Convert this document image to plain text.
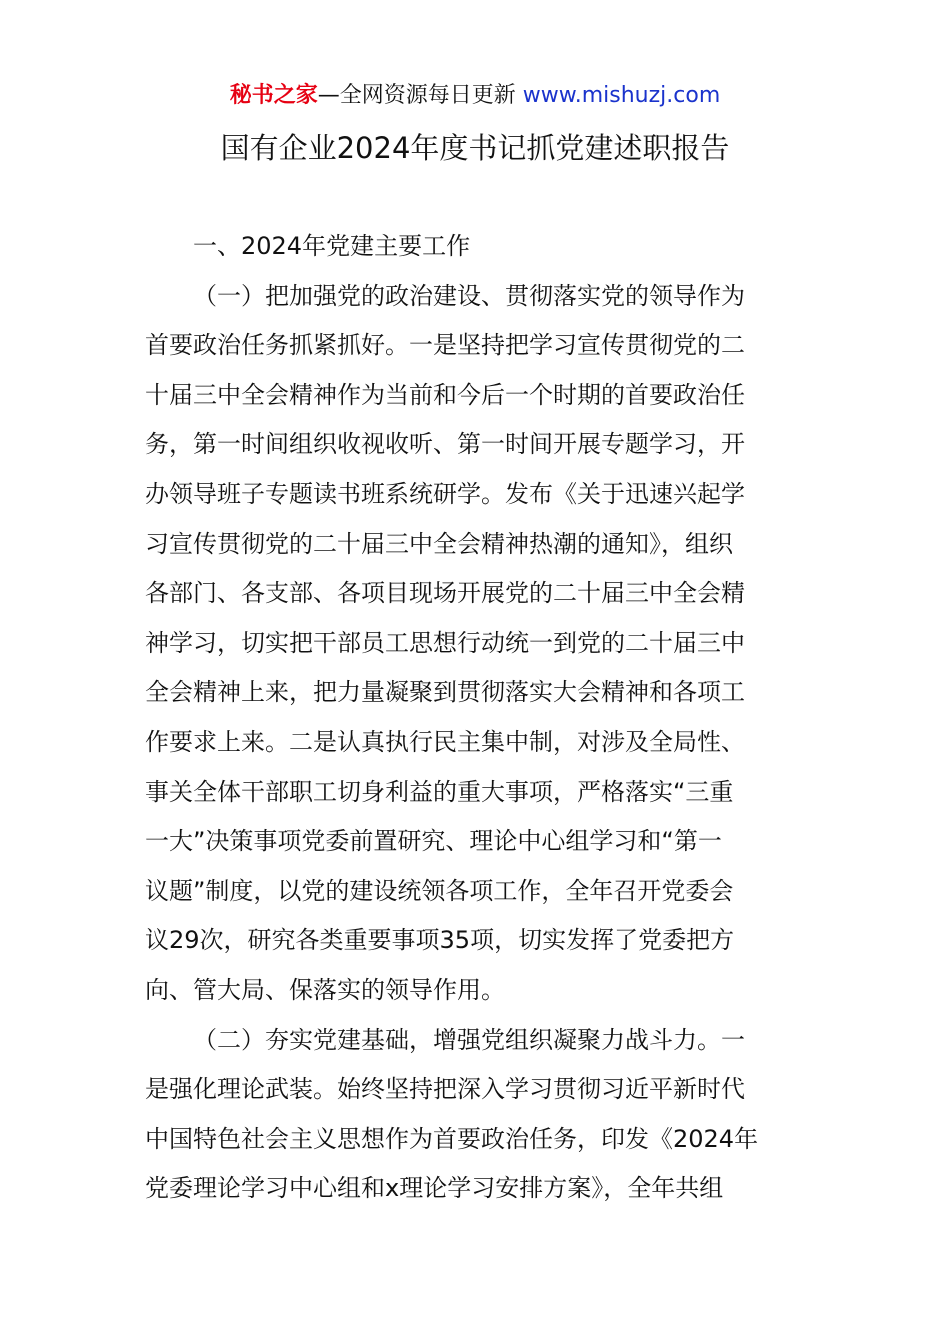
秘书之家—全网资源每日更新 www.mishuzj.com
国有企业2024年度书记抓党建述职报告
一、2024年党建主要工作
（一）把加强党的政治建设、贯彻落实党的领导作为
首要政治任务抓紧抓好。一是坚持把学习宣传贯彻党的二
十届三中全会精神作为当前和今后一个时期的首要政治任
务，第一时间组织收视收听、第一时间开展专题学习，开
办领导班子专题读书班系统研学。发布《关于迅速兴起学
习宣传贯彻党的二十届三中全会精神热潮的通知》，组织
各部门、各支部、各项目现场开展党的二十届三中全会精
神学习，切实把干部员工思想行动统一到党的二十届三中
全会精神上来，把力量凝聚到贯彻落实大会精神和各项工
作要求上来。二是认真执行民主集中制，对涉及全局性、
事关全体干部职工切身利益的重大事项，严格落实“三重
一大”决策事项党委前置研究、理论中心组学习和“第一
议题”制度，以党的建设统领各项工作，全年召开党委会
议29次，研究各类重要事项35项，切实发挥了党委把方
向、管大局、保落实的领导作用。
（二）夯实党建基础，增强党组织凝聚力战斗力。一
是强化理论武装。始终坚持把深入学习贯彻习近平新时代
中国特色社会主义思想作为首要政治任务，印发《2024年
党委理论学习中心组和x理论学习安排方案》，全年共组
